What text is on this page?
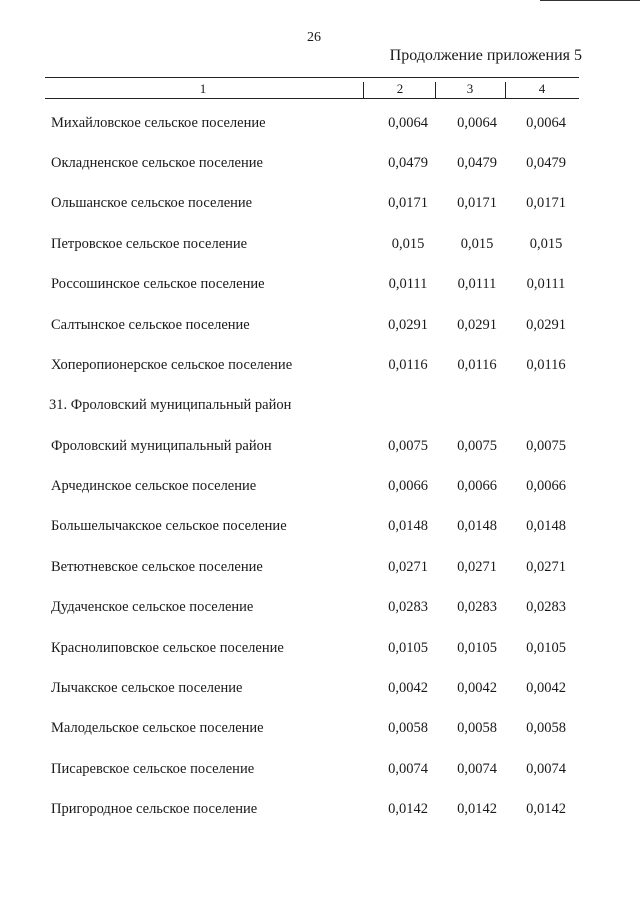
26
Продолжение приложения 5
1	2	3	4
Михайловское сельское поселение	0,0064	0,0064	0,0064
Окладненское сельское поселение	0,0479	0,0479	0,0479
Ольшанское сельское поселение	0,0171	0,0171	0,0171
Петровское сельское поселение	0,015	0,015	0,015
Россошинское сельское поселение	0,0111	0,0111	0,0111
Салтынское сельское поселение	0,0291	0,0291	0,0291
Хоперопионерское сельское поселение	0,0116	0,0116	0,0116
31. Фроловский муниципальный район
Фроловский муниципальный район	0,0075	0,0075	0,0075
Арчединское сельское поселение	0,0066	0,0066	0,0066
Большелычакское сельское поселение	0,0148	0,0148	0,0148
Ветютневское сельское поселение	0,0271	0,0271	0,0271
Дудаченское сельское поселение	0,0283	0,0283	0,0283
Краснолиповское сельское поселение	0,0105	0,0105	0,0105
Лычакское сельское поселение	0,0042	0,0042	0,0042
Малодельское сельское поселение	0,0058	0,0058	0,0058
Писаревское сельское поселение	0,0074	0,0074	0,0074
Пригородное сельское поселение	0,0142	0,0142	0,0142
